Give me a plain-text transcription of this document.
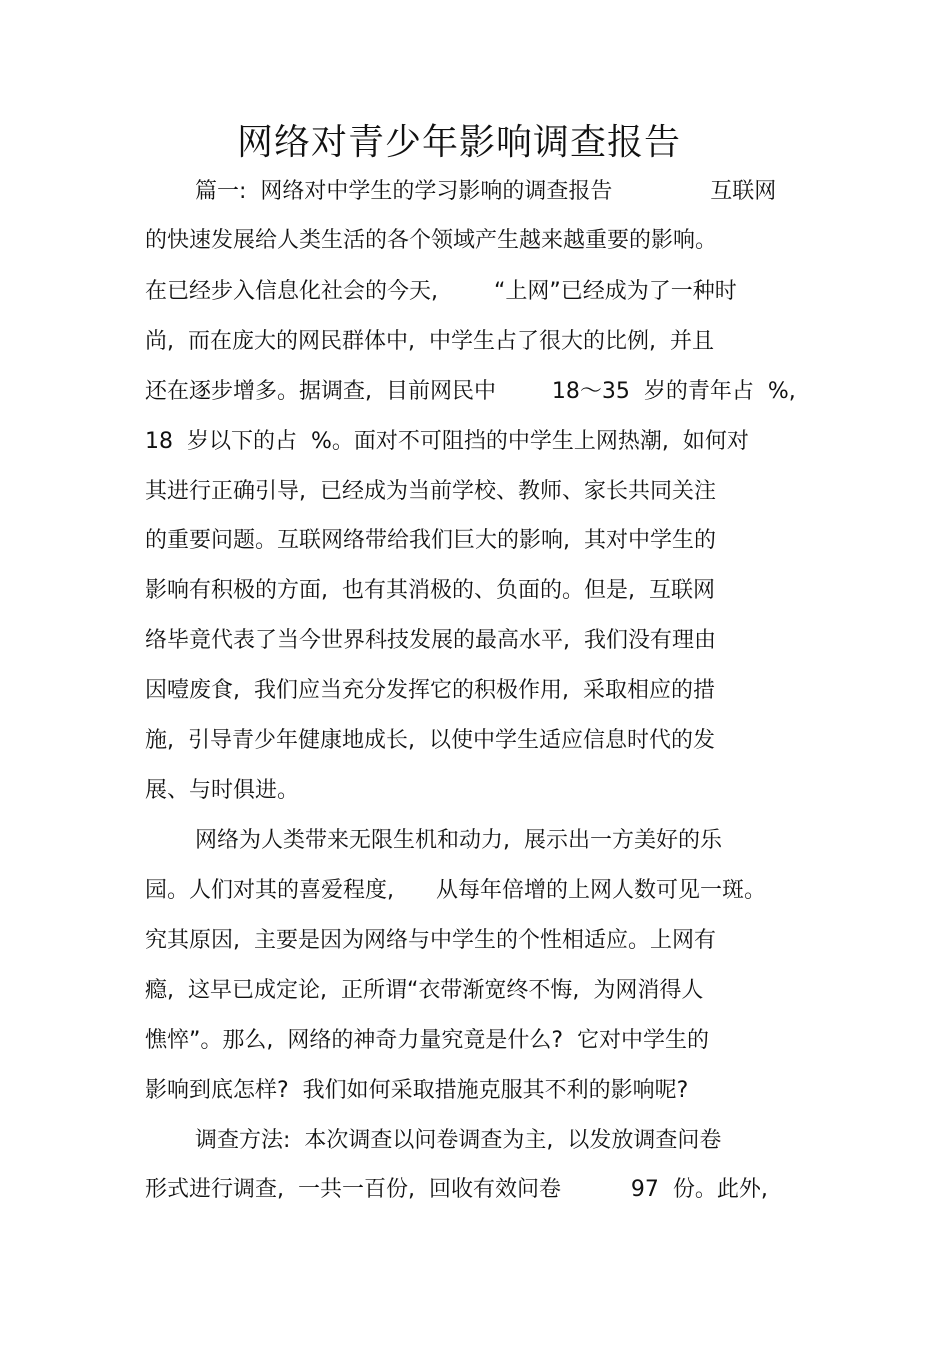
网络对青少年影响调查报告
篇一:  网络对中学生的学习影响的调查报告              互联网
的快速发展给人类生活的各个领域产生越来越重要的影响。
在已经步入信息化社会的今天,        “上网”已经成为了一种时
尚,  而在庞大的网民群体中,  中学生占了很大的比例,  并且
还在逐步增多。据调查,  目前网民中        18～35  岁的青年占  %,
18  岁以下的占  %。面对不可阻挡的中学生上网热潮,  如何对
其进行正确引导,  已经成为当前学校、教师、家长共同关注
的重要问题。互联网络带给我们巨大的影响,  其对中学生的
影响有积极的方面,  也有其消极的、负面的。但是,  互联网
络毕竟代表了当今世界科技发展的最高水平,  我们没有理由
因噎废食,  我们应当充分发挥它的积极作用,  采取相应的措
施,  引导青少年健康地成长,  以使中学生适应信息时代的发
展、与时俱进。
网络为人类带来无限生机和动力,  展示出一方美好的乐
园。人们对其的喜爱程度,      从每年倍增的上网人数可见一斑。
究其原因,  主要是因为网络与中学生的个性相适应。上网有
瘾,  这早已成定论,  正所谓“衣带渐宽终不悔,  为网消得人
憔悴”。那么,  网络的神奇力量究竟是什么?  它对中学生的
影响到底怎样?  我们如何采取措施克服其不利的影响呢?
调查方法:  本次调查以问卷调查为主,  以发放调查问卷
形式进行调查,  一共一百份,  回收有效问卷          97  份。此外,
